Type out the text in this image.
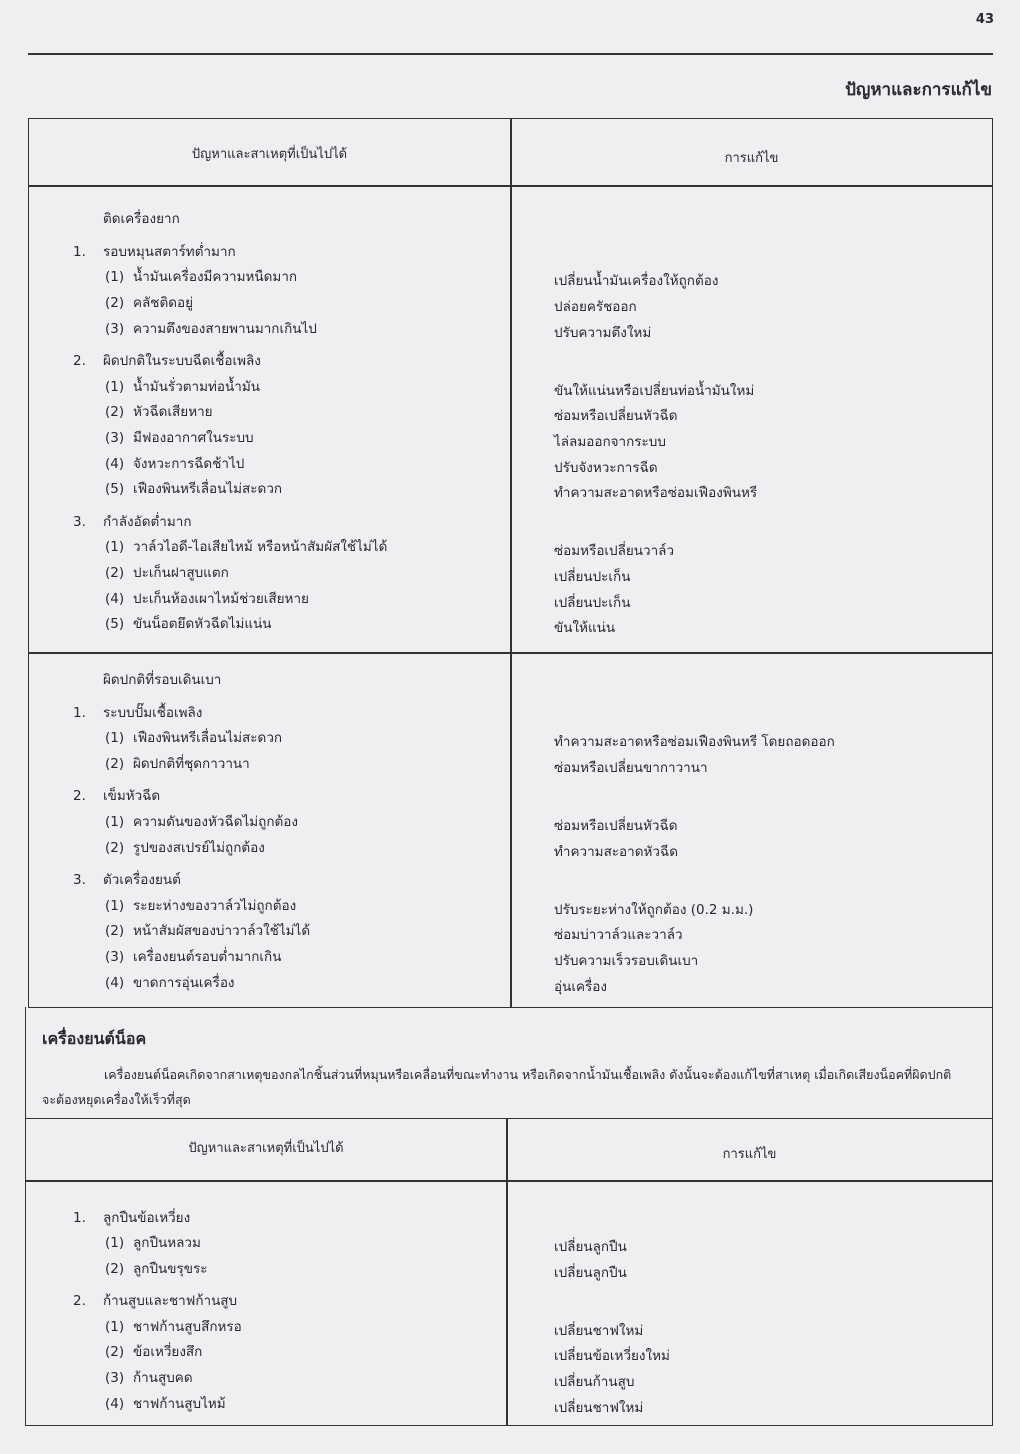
43
ปัญหาและการแก้ไข
ปัญหาและสาเหตุที่เป็นไปได้	การแก้ไข
ติดเครื่องยาก
1. รอบหมุนสตาร์ทต่ำมาก
(1) น้ำมันเครื่องมีความหนืดมาก	เปลี่ยนน้ำมันเครื่องให้ถูกต้อง
(2) คลัชติดอยู่	ปล่อยครัชออก
(3) ความตึงของสายพานมากเกินไป	ปรับความตึงใหม่
2. ผิดปกติในระบบฉีดเชื้อเพลิง
(1) น้ำมันรั่วตามท่อน้ำมัน	ขันให้แน่นหรือเปลี่ยนท่อน้ำมันใหม่
(2) หัวฉีดเสียหาย	ซ่อมหรือเปลี่ยนหัวฉีด
(3) มีฟองอากาศในระบบ	ไล่ลมออกจากระบบ
(4) จังหวะการฉีดช้าไป	ปรับจังหวะการฉีด
(5) เฟืองพินหรีเลื่อนไม่สะดวก	ทำความสะอาดหรือซ่อมเฟืองพินหรี
3. กำลังอัดต่ำมาก
(1) วาล์วไอดี-ไอเสียไหม้ หรือหน้าสัมผัสใช้ไม่ได้	ซ่อมหรือเปลี่ยนวาล์ว
(2) ปะเก็นฝาสูบแตก	เปลี่ยนปะเก็น
(4) ปะเก็นห้องเผาไหม้ช่วยเสียหาย	เปลี่ยนปะเก็น
(5) ขันน็อตยึดหัวฉีดไม่แน่น	ขันให้แน่น
ผิดปกติที่รอบเดินเบา
1. ระบบปั๊มเชื้อเพลิง
(1) เฟืองพินหรีเลื่อนไม่สะดวก	ทำความสะอาดหรือซ่อมเฟืองพินหรี โดยถอดออก
(2) ผิดปกติที่ชุดกาวานา	ซ่อมหรือเปลี่ยนขากาวานา
2. เข็มหัวฉีด
(1) ความดันของหัวฉีดไม่ถูกต้อง	ซ่อมหรือเปลี่ยนหัวฉีด
(2) รูปของสเปรย์ไม่ถูกต้อง	ทำความสะอาดหัวฉีด
3. ตัวเครื่องยนต์
(1) ระยะห่างของวาล์วไม่ถูกต้อง	ปรับระยะห่างให้ถูกต้อง (0.2 ม.ม.)
(2) หน้าสัมผัสของบ่าวาล์วใช้ไม่ได้	ซ่อมบ่าวาล์วและวาล์ว
(3) เครื่องยนต์รอบต่ำมากเกิน	ปรับความเร็วรอบเดินเบา
(4) ขาดการอุ่นเครื่อง	อุ่นเครื่อง
เครื่องยนต์น็อค
เครื่องยนต์น็อคเกิดจากสาเหตุของกลไกชิ้นส่วนที่หมุนหรือเคลื่อนที่ขณะทำงาน หรือเกิดจากน้ำมันเชื้อเพลิง ดังนั้นจะต้องแก้ไขที่สาเหตุ เมื่อเกิดเสียงน็อคที่ผิดปกติจะต้องหยุดเครื่องให้เร็วที่สุด
ปัญหาและสาเหตุที่เป็นไปได้	การแก้ไข
1. ลูกปืนข้อเหวี่ยง
(1) ลูกปืนหลวม	เปลี่ยนลูกปืน
(2) ลูกปืนขรุขระ	เปลี่ยนลูกปืน
2. ก้านสูบและชาฟก้านสูบ
(1) ชาฟก้านสูบสึกหรอ	เปลี่ยนชาฟใหม่
(2) ข้อเหวี่ยงสึก	เปลี่ยนข้อเหวี่ยงใหม่
(3) ก้านสูบคด	เปลี่ยนก้านสูบ
(4) ชาฟก้านสูบไหม้	เปลี่ยนชาฟใหม่
